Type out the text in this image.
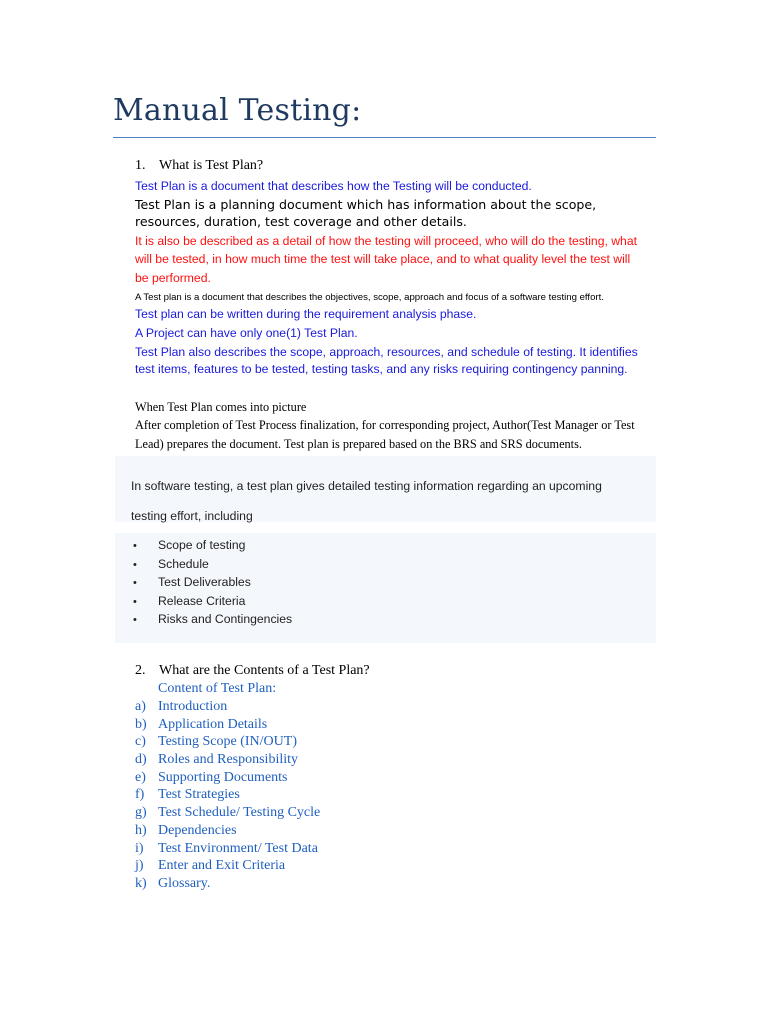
Manual Testing:
1. What is Test Plan?
Test Plan is a document that describes how the Testing will be conducted.
Test Plan is a planning document which has information about the scope,
resources, duration, test coverage and other details.
It is also be described as a detail of how the testing will proceed, who will do the testing, what
will be tested, in how much time the test will take place, and to what quality level the test will
be performed.
A Test plan is a document that describes the objectives, scope, approach and focus of a software testing effort.
Test plan can be written during the requirement analysis phase.
A Project can have only one(1) Test Plan.
Test Plan also describes the scope, approach, resources, and schedule of testing. It identifies
test items, features to be tested, testing tasks, and any risks requiring contingency panning.
When Test Plan comes into picture
After completion of Test Process finalization, for corresponding project, Author(Test Manager or Test
Lead) prepares the document. Test plan is prepared based on the BRS and SRS documents.
In software testing, a test plan gives detailed testing information regarding an upcoming
testing effort, including
• Scope of testing
• Schedule
• Test Deliverables
• Release Criteria
• Risks and Contingencies
2. What are the Contents of a Test Plan?
Content of Test Plan:
a) Introduction
b) Application Details
c) Testing Scope (IN/OUT)
d) Roles and Responsibility
e) Supporting Documents
f) Test Strategies
g) Test Schedule/ Testing Cycle
h) Dependencies
i) Test Environment/ Test Data
j) Enter and Exit Criteria
k) Glossary.
